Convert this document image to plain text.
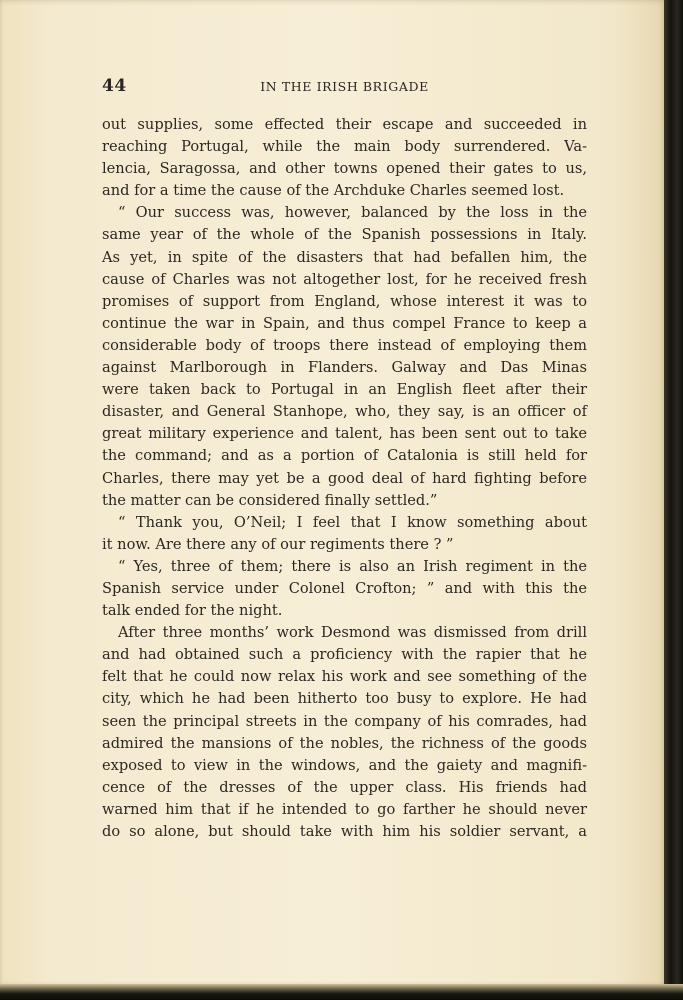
44	IN THE IRISH BRIGADE
out supplies, some effected their escape and succeeded in
reaching Portugal, while the main body surrendered. Va-
lencia, Saragossa, and other towns opened their gates to us,
and for a time the cause of the Archduke Charles seemed lost.
“ Our success was, however, balanced by the loss in the
same year of the whole of the Spanish possessions in Italy.
As yet, in spite of the disasters that had befallen him, the
cause of Charles was not altogether lost, for he received fresh
promises of support from England, whose interest it was to
continue the war in Spain, and thus compel France to keep a
considerable body of troops there instead of employing them
against Marlborough in Flanders. Galway and Das Minas
were taken back to Portugal in an English fleet after their
disaster, and General Stanhope, who, they say, is an officer of
great military experience and talent, has been sent out to take
the command; and as a portion of Catalonia is still held for
Charles, there may yet be a good deal of hard fighting before
the matter can be considered finally settled.”
“ Thank you, O’Neil; I feel that I know something about
it now. Are there any of our regiments there ? ”
“ Yes, three of them; there is also an Irish regiment in the
Spanish service under Colonel Crofton; ” and with this the
talk ended for the night.
After three months’ work Desmond was dismissed from drill
and had obtained such a proficiency with the rapier that he
felt that he could now relax his work and see something of the
city, which he had been hitherto too busy to explore. He had
seen the principal streets in the company of his comrades, had
admired the mansions of the nobles, the richness of the goods
exposed to view in the windows, and the gaiety and magnifi-
cence of the dresses of the upper class. His friends had
warned him that if he intended to go farther he should never
do so alone, but should take with him his soldier servant, a
